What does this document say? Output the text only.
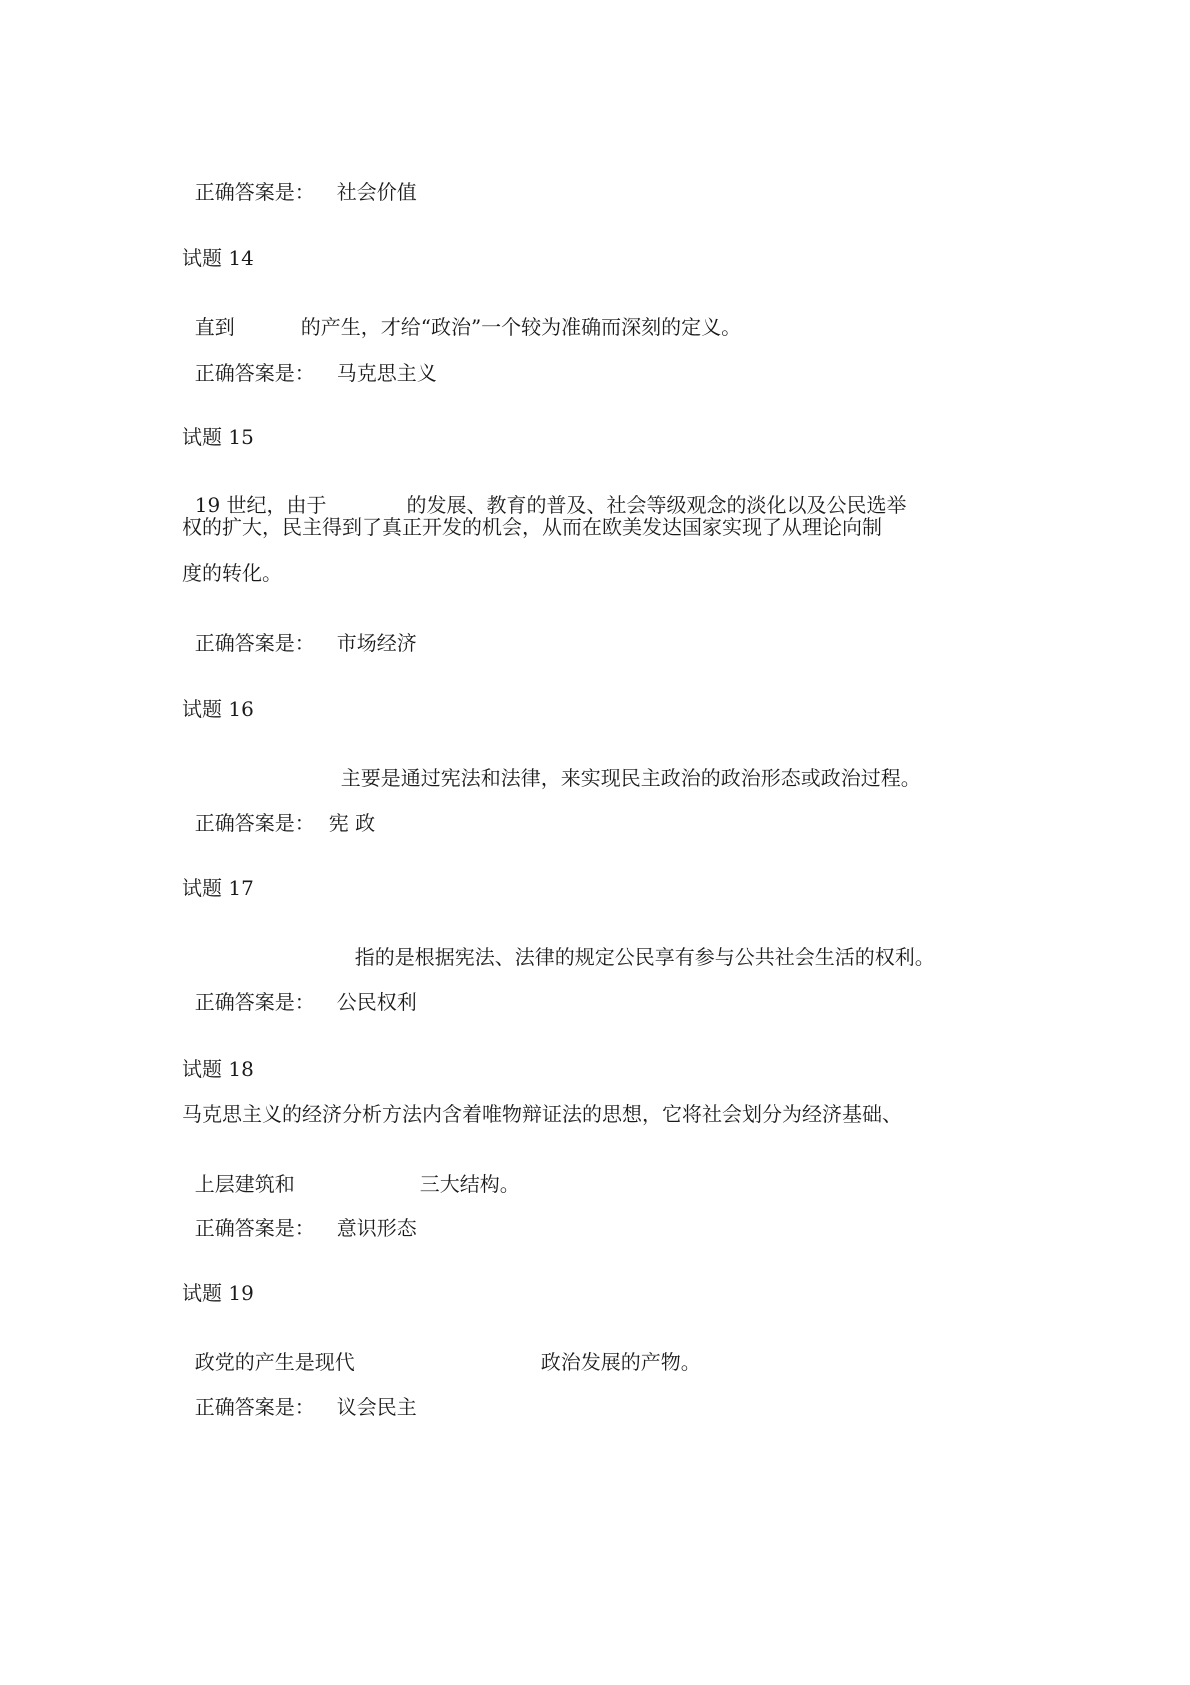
正确答案是： 社会价值

试题 14

直到	的产生，才给“政治”一个较为准确而深刻的定义。

正确答案是： 马克思主义

试题 15

19 世纪，由于	的发展、教育的普及、社会等级观念的淡化以及公民选举

权的扩大，民主得到了真正开发的机会，从而在欧美发达国家实现了从理论向制
度的转化。

正确答案是： 市场经济

试题 16

主要是通过宪法和法律，来实现民主政治的政治形态或政治过程。

正确答案是： 宪 政

试题 17

指的是根据宪法、法律的规定公民享有参与公共社会生活的权利。

正确答案是： 公民权利

试题 18
马克思主义的经济分析方法内含着唯物辩证法的思想，它将社会划分为经济基础、

上层建筑和	三大结构。

正确答案是： 意识形态

试题 19

政党的产生是现代	政治发展的产物。

正确答案是： 议会民主
